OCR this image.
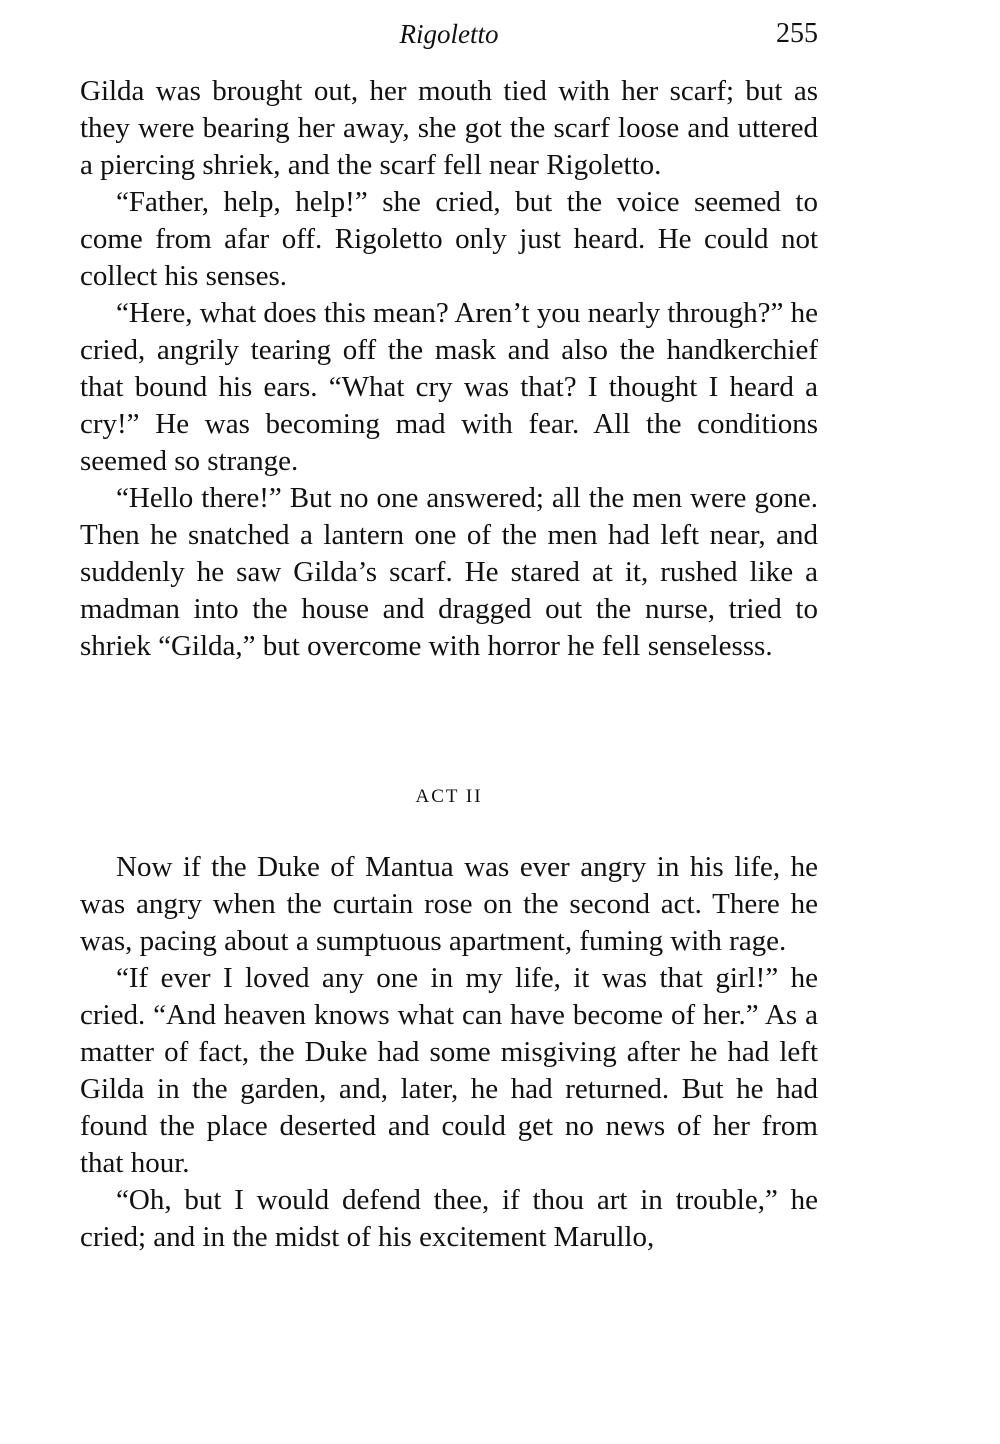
Rigoletto	255

Gilda was brought out, her mouth tied with her scarf; but as they were bearing her away, she got the scarf loose and uttered a piercing shriek, and the scarf fell near Rigoletto.

“Father, help, help!” she cried, but the voice seemed to come from afar off. Rigoletto only just heard. He could not collect his senses.

“Here, what does this mean? Aren’t you nearly through?” he cried, angrily tearing off the mask and also the handkerchief that bound his ears. “What cry was that? I thought I heard a cry!” He was becoming mad with fear. All the conditions seemed so strange.

“Hello there!” But no one answered; all the men were gone. Then he snatched a lantern one of the men had left near, and suddenly he saw Gilda’s scarf. He stared at it, rushed like a madman into the house and dragged out the nurse, tried to shriek “Gilda,” but overcome with horror he fell senselesss.

ACT II

Now if the Duke of Mantua was ever angry in his life, he was angry when the curtain rose on the second act. There he was, pacing about a sumptuous apartment, fuming with rage.

“If ever I loved any one in my life, it was that girl!” he cried. “And heaven knows what can have become of her.” As a matter of fact, the Duke had some misgiving after he had left Gilda in the garden, and, later, he had returned. But he had found the place deserted and could get no news of her from that hour.

“Oh, but I would defend thee, if thou art in trouble,” he cried; and in the midst of his excitement Marullo,
